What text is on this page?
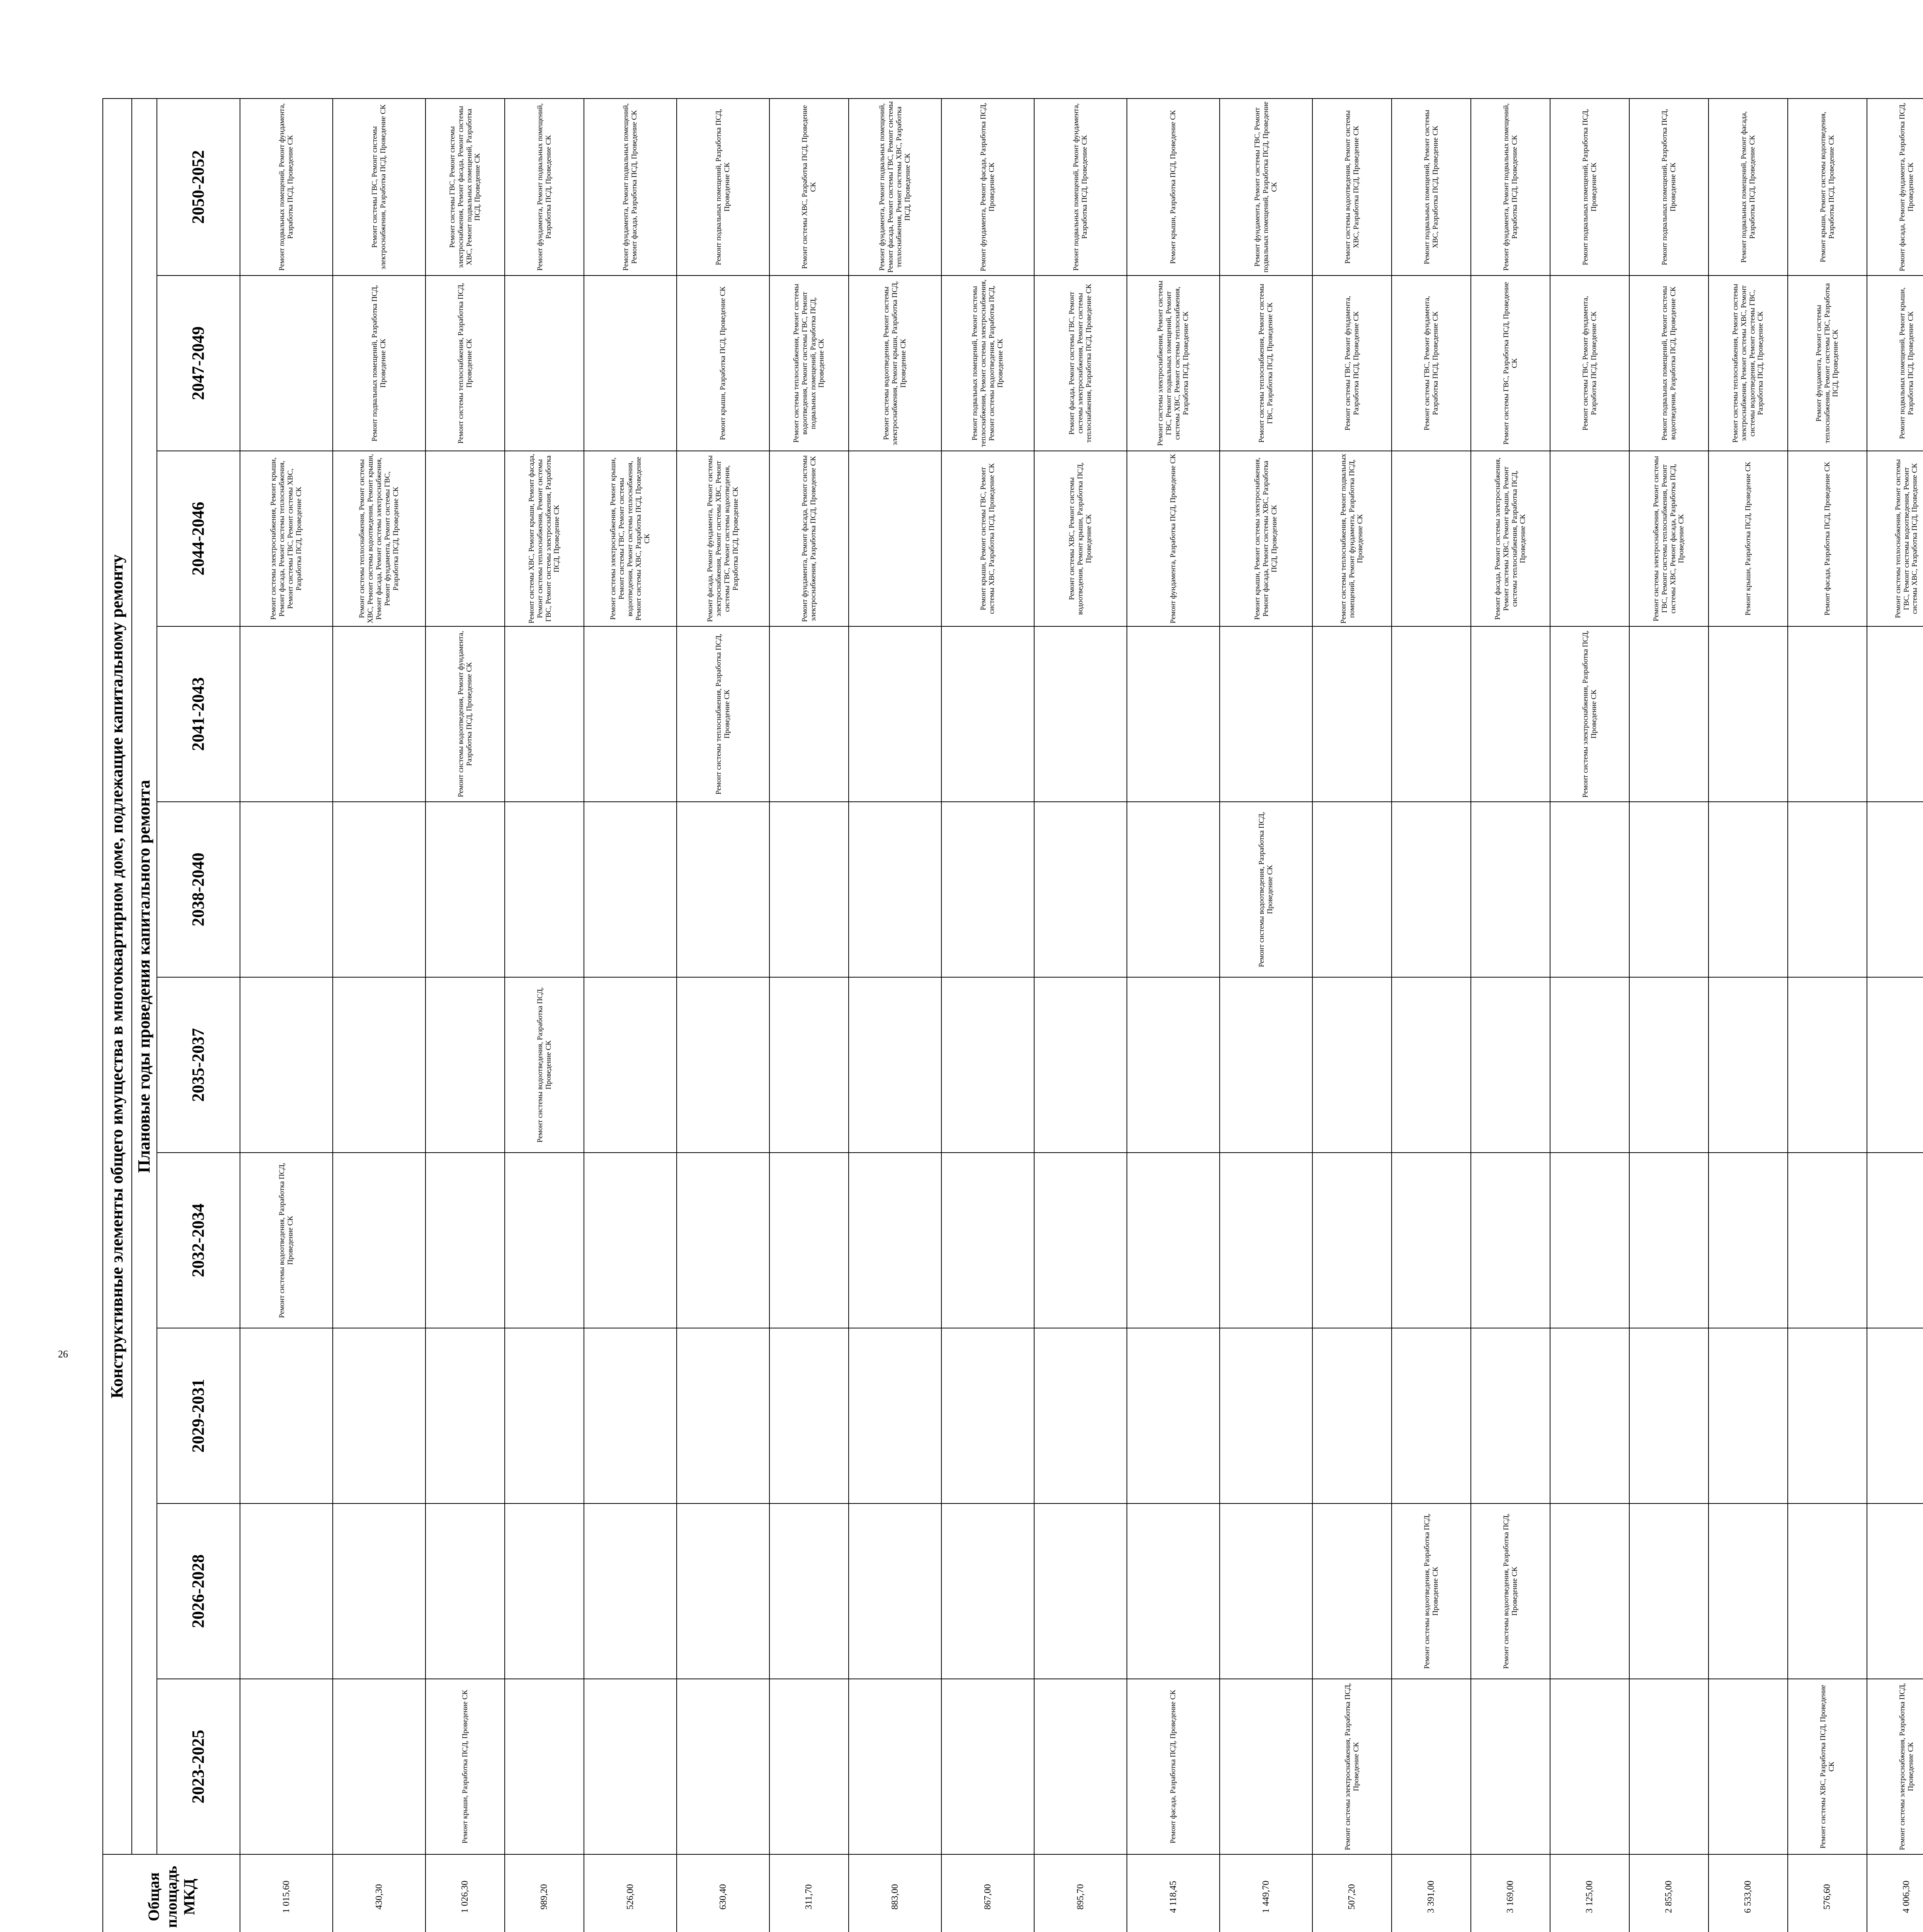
26
								Общая площадь МКД	Конструктивные элементы общего имущества в многоквартирном доме, подлежащие капитальному ремонту									
									Плановые годы проведения капитального ремонта									
									2023-2025	2026-2028	2029-2031	2032-2034	2035-2037	2038-2040	2041-2043	2044-2046	2047-2049	2050-2052
								1 015,60				Ремонт системы водоотведения, Разработка ПСД, Проведение СК				Ремонт системы электроснабжения, Ремонт крыши, Ремонт фасада, Ремонт системы теплоснабжения, Ремонт системы ГВС, Ремонт системы ХВС, Разработка ПСД, Проведение СК		Ремонт подвальных помещений, Ремонт фундамента, Разработка ПСД, Проведение СК
								430,30								Ремонт системы теплоснабжения, Ремонт системы ХВС, Ремонт системы водоотведения, Ремонт крыши, Ремонт фасада, Ремонт системы электроснабжения, Ремонт фундамента, Ремонт системы ГВС, Разработка ПСД, Проведение СК	Ремонт подвальных помещений, Разработка ПСД, Проведение СК	Ремонт системы ГВС, Ремонт системы электроснабжения, Разработка ПСД, Проведение СК
								1 026,30	Ремонт крыши, Разработка ПСД, Проведение СК						Ремонт системы водоотведения, Ремонт фундамента, Разработка ПСД, Проведение СК		Ремонт системы теплоснабжения, Разработка ПСД, Проведение СК	Ремонт системы ГВС, Ремонт системы электроснабжения, Ремонт фасада, Ремонт системы ХВС, Ремонт подвальных помещений, Разработка ПСД, Проведение СК
								989,20					Ремонт системы водоотведения, Разработка ПСД, Проведение СК			Ремонт системы ХВС, Ремонт крыши, Ремонт фасада, Ремонт системы теплоснабжения, Ремонт системы ГВС, Ремонт системы электроснабжения, Разработка ПСД, Проведение СК		Ремонт фундамента, Ремонт подвальных помещений, Разработка ПСД, Проведение СК
								526,00								Ремонт системы электроснабжения, Ремонт крыши, Ремонт системы ГВС, Ремонт системы водоотведения, Ремонт системы теплоснабжения, Ремонт системы ХВС, Разработка ПСД, Проведение СК		Ремонт фундамента, Ремонт подвальных помещений, Ремонт фасада, Разработка ПСД, Проведение СК
								630,40							Ремонт системы теплоснабжения, Разработка ПСД, Проведение СК	Ремонт фасада, Ремонт фундамента, Ремонт системы электроснабжения, Ремонт системы ХВС, Ремонт системы ГВС, Ремонт системы водоотведения, Разработка ПСД, Проведение СК	Ремонт крыши, Разработка ПСД, Проведение СК	Ремонт подвальных помещений, Разработка ПСД, Проведение СК
								311,70								Ремонт фундамента, Ремонт фасада, Ремонт системы электроснабжения, Разработка ПСД, Проведение СК	Ремонт системы теплоснабжения, Ремонт системы водоотведения, Ремонт системы ГВС, Ремонт подвальных помещений, Разработка ПСД, Проведение СК	Ремонт системы ХВС, Разработка ПСД, Проведение СК
								883,00									Ремонт системы водоотведения, Ремонт системы электроснабжения, Ремонт крыши, Разработка ПСД, Проведение СК	Ремонт фундамента, Ремонт подвальных помещений, Ремонт фасада, Ремонт системы ГВС, Ремонт системы теплоснабжения, Ремонт системы ХВС, Разработка ПСД, Проведение СК
								867,00								Ремонт крыши, Ремонт системы ГВС, Ремонт системы ХВС, Разработка ПСД, Проведение СК	Ремонт подвальных помещений, Ремонт системы теплоснабжения, Ремонт системы электроснабжения, Ремонт системы водоотведения, Разработка ПСД, Проведение СК	Ремонт фундамента, Ремонт фасада, Разработка ПСД, Проведение СК
								895,70								Ремонт системы ХВС, Ремонт системы водоотведения, Ремонт крыши, Разработка ПСД, Проведение СК	Ремонт фасада, Ремонт системы ГВС, Ремонт системы электроснабжения, Ремонт системы теплоснабжения, Разработка ПСД, Проведение СК	Ремонт подвальных помещений, Ремонт фундамента, Разработка ПСД, Проведение СК
								4 118,45	Ремонт фасада, Разработка ПСД, Проведение СК							Ремонт фундамента, Разработка ПСД, Проведение СК	Ремонт системы электроснабжения, Ремонт системы ГВС, Ремонт подвальных помещений, Ремонт системы ХВС, Ремонт системы теплоснабжения, Разработка ПСД, Проведение СК	Ремонт крыши, Разработка ПСД, Проведение СК
								1 449,70						Ремонт системы водоотведения, Разработка ПСД, Проведение СК		Ремонт крыши, Ремонт системы электроснабжения, Ремонт фасада, Ремонт системы ХВС, Разработка ПСД, Проведение СК	Ремонт системы теплоснабжения, Ремонт системы ГВС, Разработка ПСД, Проведение СК	Ремонт фундамента, Ремонт системы ГВС, Ремонт подвальных помещений, Разработка ПСД, Проведение СК
								507,20	Ремонт системы электроснабжения, Разработка ПСД, Проведение СК							Ремонт системы теплоснабжения, Ремонт подвальных помещений, Ремонт фундамента, Разработка ПСД, Проведение СК	Ремонт системы ГВС, Ремонт фундамента, Разработка ПСД, Проведение СК	Ремонт системы водоотведения, Ремонт системы ХВС, Разработка ПСД, Проведение СК
								3 391,00		Ремонт системы водоотведения, Разработка ПСД, Проведение СК							Ремонт системы ГВС, Ремонт фундамента, Разработка ПСД, Проведение СК	Ремонт подвальных помещений, Ремонт системы ХВС, Разработка ПСД, Проведение СК
								3 169,00		Ремонт системы водоотведения, Разработка ПСД, Проведение СК						Ремонт фасада, Ремонт системы электроснабжения, Ремонт системы ХВС, Ремонт крыши, Ремонт системы теплоснабжения, Разработка ПСД, Проведение СК	Ремонт системы ГВС, Разработка ПСД, Проведение СК	Ремонт фундамента, Ремонт подвальных помещений, Разработка ПСД, Проведение СК
								3 125,00							Ремонт системы электроснабжения, Разработка ПСД, Проведение СК		Ремонт системы ГВС, Ремонт фундамента, Разработка ПСД, Проведение СК	Ремонт подвальных помещений, Разработка ПСД, Проведение СК
								2 855,00								Ремонт системы электроснабжения, Ремонт системы ГВС, Ремонт системы теплоснабжения, Ремонт системы ХВС, Ремонт фасада, Разработка ПСД, Проведение СК	Ремонт подвальных помещений, Ремонт системы водоотведения, Разработка ПСД, Проведение СК	Ремонт подвальных помещений, Разработка ПСД, Проведение СК
								6 533,00								Ремонт крыши, Разработка ПСД, Проведение СК	Ремонт системы теплоснабжения, Ремонт системы электроснабжения, Ремонт системы ХВС, Ремонт системы водоотведения, Ремонт системы ГВС, Разработка ПСД, Проведение СК	Ремонт подвальных помещений, Ремонт фасада, Разработка ПСД, Проведение СК
								576,60	Ремонт системы ХВС, Разработка ПСД, Проведение СК							Ремонт фасада, Разработка ПСД, Проведение СК	Ремонт фундамента, Ремонт системы теплоснабжения, Ремонт системы ГВС, Разработка ПСД, Проведение СК	Ремонт крыши, Ремонт системы водоотведения, Разработка ПСД, Проведение СК
								4 006,30	Ремонт системы электроснабжения, Разработка ПСД, Проведение СК							Ремонт системы теплоснабжения, Ремонт системы ГВС, Ремонт системы водоотведения, Ремонт системы ХВС, Разработка ПСД, Проведение СК	Ремонт подвальных помещений, Ремонт крыши, Разработка ПСД, Проведение СК	Ремонт фасада, Ремонт фундамента, Разработка ПСД, Проведение СК
